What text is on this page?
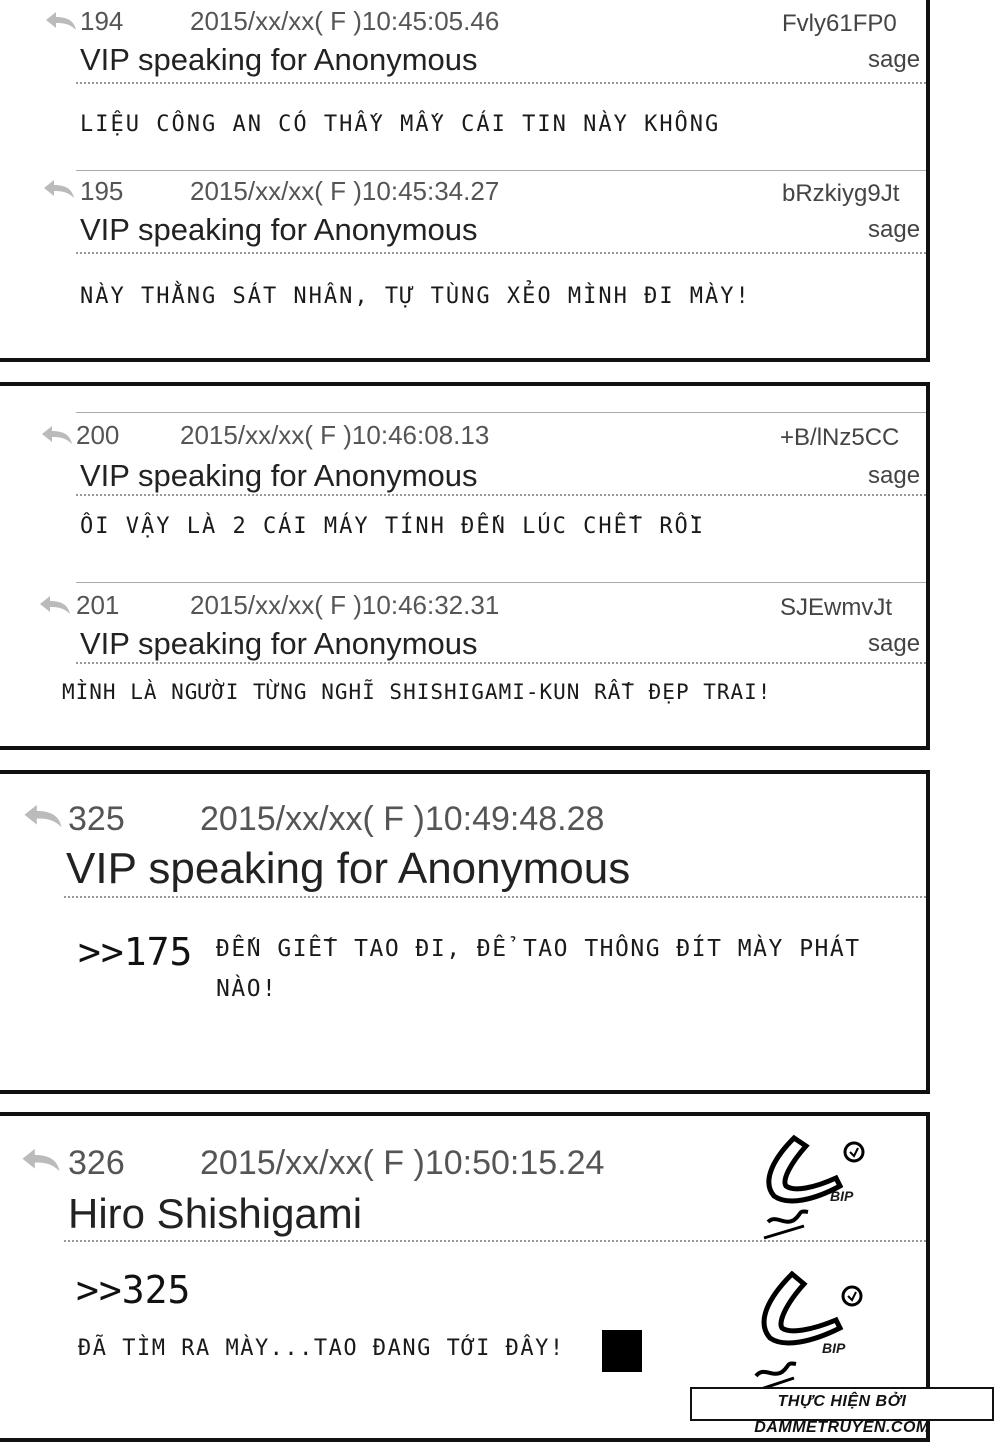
194	2015/xx/xx( F )10:45:05.46	Fvly61FP0
VIP speaking for Anonymous	sage
LIỆU CÔNG AN CÓ THẤY MẤY CÁI TIN NÀY KHÔNG
195	2015/xx/xx( F )10:45:34.27	bRzkiyg9Jt
VIP speaking for Anonymous	sage
NÀY THẰNG SÁT NHÂN, TỰ TÙNG XẺO MÌNH ĐI MÀY!
200 2015/xx/xx( F )10:46:08.13	+B/lNz5CC
VIP speaking for Anonymous	sage
ÔI VẬY LÀ 2 CÁI MÁY TÍNH ĐẾN LÚC CHẾT RỒI
201	2015/xx/xx( F )10:46:32.31	SJEwmvJt
VIP speaking for Anonymous	sage
MÌNH LÀ NGƯỜI TỪNG NGHĨ SHISHIGAMI-KUN RẤT ĐẸP TRAI!
325 2015/xx/xx( F )10:49:48.28
VIP speaking for Anonymous
>>175 ĐẾN GIẾT TAO ĐI, ĐỂ TAO THÔNG ĐÍT MÀY PHÁT
NÀO!
326 2015/xx/xx( F )10:50:15.24
Hiro Shishigami
>>325
ĐÃ TÌM RA MÀY...TAO ĐANG TỚI ĐÂY!
BIP
BIP
THỰC HIỆN BỞI DAMMETRUYEN.COM
